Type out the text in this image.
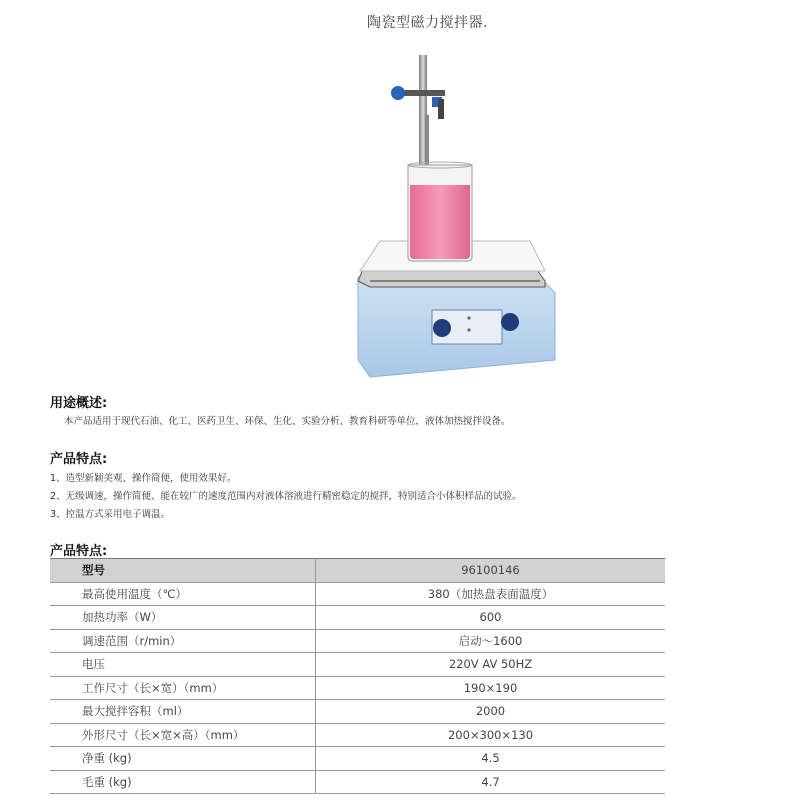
陶瓷型磁力搅拌器.
用途概述:
本产品适用于现代石油、化工、医药卫生、环保、生化、实验分析、教育科研等单位，液体加热搅拌设备。
产品特点:
1、造型新颖美观、操作简便，使用效果好。
2、无级调速，操作简便、能在较广的速度范围内对液体溶液进行精密稳定的搅拌，特别适合小体积样品的试验。
3、控温方式采用电子调温。
产品特点:
型号	96100146
最高使用温度（℃）	380（加热盘表面温度）
加热功率（W）	600
调速范围（r/min）	启动～1600
电压	220V AV 50HZ
工作尺寸（长×宽）（mm）	190×190
最大搅拌容积（ml）	2000
外形尺寸（长×宽×高）（mm）	200×300×130
净重 (kg)	4.5
毛重 (kg)	4.7
